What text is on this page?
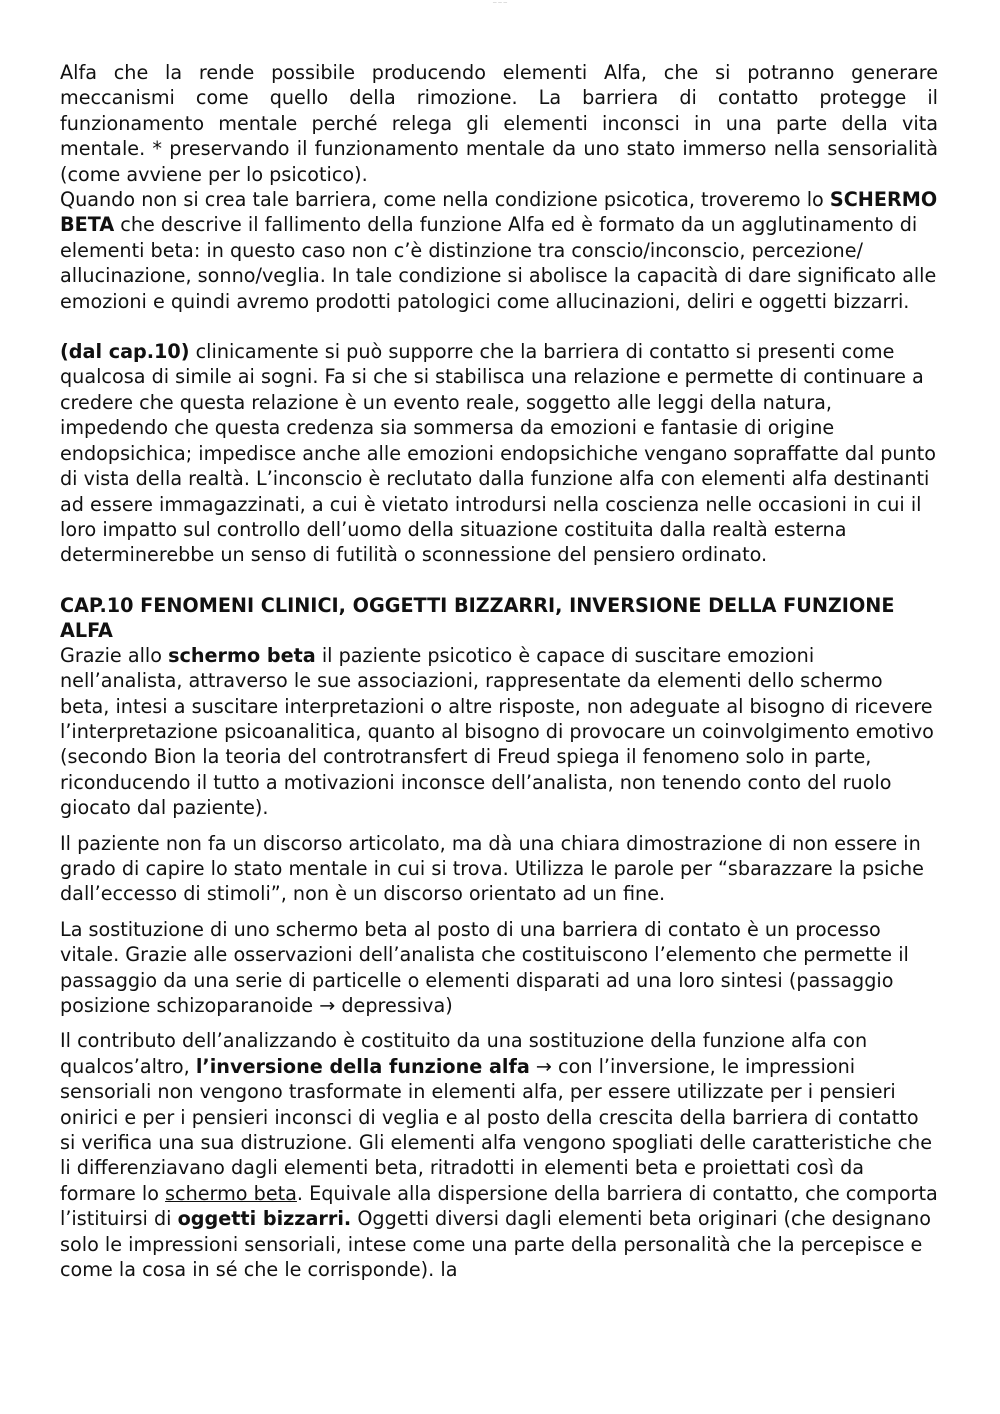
— — —

Alfa che la rende possibile producendo elementi Alfa, che si potranno generare meccanismi come quello della rimozione. La barriera di contatto protegge il funzionamento mentale perché relega gli elementi inconsci in una parte della vita mentale. * preservando il funzionamento mentale da uno stato immerso nella sensorialità (come avviene per lo psicotico).

Quando non si crea tale barriera, come nella condizione psicotica, troveremo lo SCHERMO BETA che descrive il fallimento della funzione Alfa ed è formato da un agglutinamento di elementi beta: in questo caso non c’è distinzione tra conscio/inconscio, percezione/ allucinazione, sonno/veglia. In tale condizione si abolisce la capacità di dare significato alle emozioni e quindi avremo prodotti patologici come allucinazioni, deliri e oggetti bizzarri.

(dal cap.10) clinicamente si può supporre che la barriera di contatto si presenti come qualcosa di simile ai sogni. Fa si che si stabilisca una relazione e permette di continuare a credere che questa relazione è un evento reale, soggetto alle leggi della natura, impedendo che questa credenza sia sommersa da emozioni e fantasie di origine endopsichica; impedisce anche alle emozioni endopsichiche vengano sopraffatte dal punto di vista della realtà. L’inconscio è reclutato dalla funzione alfa con elementi alfa destinanti ad essere immagazzinati, a cui è vietato introdursi nella coscienza nelle occasioni in cui il loro impatto sul controllo dell’uomo della situazione costituita dalla realtà esterna determinerebbe un senso di futilità o sconnessione del pensiero ordinato.

CAP.10 FENOMENI CLINICI, OGGETTI BIZZARRI, INVERSIONE DELLA FUNZIONE ALFA

Grazie allo schermo beta il paziente psicotico è capace di suscitare emozioni nell’analista, attraverso le sue associazioni, rappresentate da elementi dello schermo beta, intesi a suscitare interpretazioni o altre risposte, non adeguate al bisogno di ricevere l’interpretazione psicoanalitica, quanto al bisogno di provocare un coinvolgimento emotivo (secondo Bion la teoria del controtransfert di Freud spiega il fenomeno solo in parte, riconducendo il tutto a motivazioni inconsce dell’analista, non tenendo conto del ruolo giocato dal paziente).

Il paziente non fa un discorso articolato, ma dà una chiara dimostrazione di non essere in grado di capire lo stato mentale in cui si trova. Utilizza le parole per “sbarazzare la psiche dall’eccesso di stimoli”, non è un discorso orientato ad un fine.

La sostituzione di uno schermo beta al posto di una barriera di contato è un processo vitale. Grazie alle osservazioni dell’analista che costituiscono l’elemento che permette il passaggio da una serie di particelle o elementi disparati ad una loro sintesi (passaggio posizione schizoparanoide → depressiva)

Il contributo dell’analizzando è costituito da una sostituzione della funzione alfa con qualcos’altro, l’inversione della funzione alfa → con l’inversione, le impressioni sensoriali non vengono trasformate in elementi alfa, per essere utilizzate per i pensieri onirici e per i pensieri inconsci di veglia e al posto della crescita della barriera di contatto si verifica una sua distruzione. Gli elementi alfa vengono spogliati delle caratteristiche che li differenziavano dagli elementi beta, ritradotti in elementi beta e proiettati così da formare lo schermo beta. Equivale alla dispersione della barriera di contatto, che comporta l’istituirsi di oggetti bizzarri. Oggetti diversi dagli elementi beta originari (che designano solo le impressioni sensoriali, intese come una parte della personalità che la percepisce e come la cosa in sé che le corrisponde). la
